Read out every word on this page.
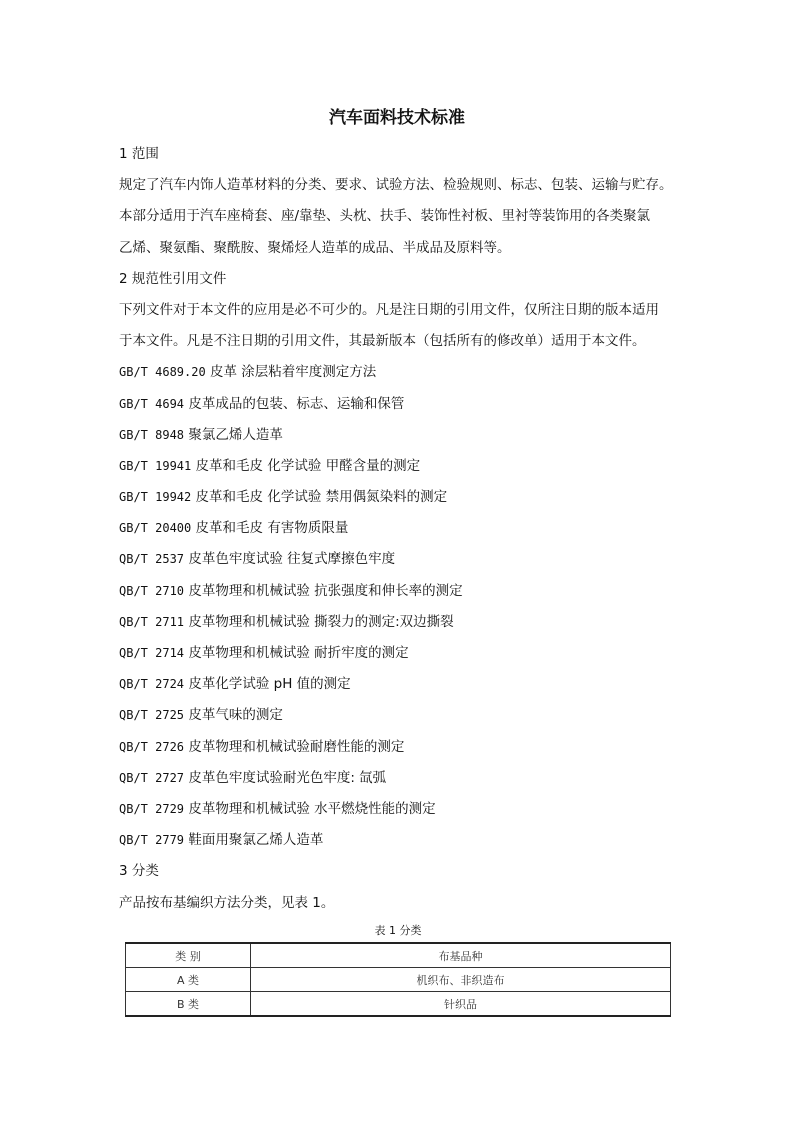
汽车面料技术标准
1 范围
规定了汽车内饰人造革材料的分类、要求、试验方法、检验规则、标志、包装、运输与贮存。
本部分适用于汽车座椅套、座/靠垫、头枕、扶手、装饰性衬板、里衬等装饰用的各类聚氯
乙烯、聚氨酯、聚酰胺、聚烯烃人造革的成品、半成品及原料等。
2 规范性引用文件
下列文件对于本文件的应用是必不可少的。凡是注日期的引用文件，仅所注日期的版本适用
于本文件。凡是不注日期的引用文件，其最新版本（包括所有的修改单）适用于本文件。
GB/T 4689.20 皮革 涂层粘着牢度测定方法
GB/T 4694 皮革成品的包装、标志、运输和保管
GB/T 8948 聚氯乙烯人造革
GB/T 19941 皮革和毛皮 化学试验 甲醛含量的测定
GB/T 19942 皮革和毛皮 化学试验 禁用偶氮染料的测定
GB/T 20400 皮革和毛皮 有害物质限量
QB/T 2537 皮革色牢度试验 往复式摩擦色牢度
QB/T 2710 皮革物理和机械试验 抗张强度和伸长率的测定
QB/T 2711 皮革物理和机械试验 撕裂力的测定:双边撕裂
QB/T 2714 皮革物理和机械试验 耐折牢度的测定
QB/T 2724 皮革化学试验 pH 值的测定
QB/T 2725 皮革气味的测定
QB/T 2726 皮革物理和机械试验耐磨性能的测定
QB/T 2727 皮革色牢度试验耐光色牢度: 氙弧
QB/T 2729 皮革物理和机械试验 水平燃烧性能的测定
QB/T 2779 鞋面用聚氯乙烯人造革
3 分类
产品按布基编织方法分类，见表 1。
表 1 分类
类 别	布基品种
A 类	机织布、非织造布
B 类	针织品
